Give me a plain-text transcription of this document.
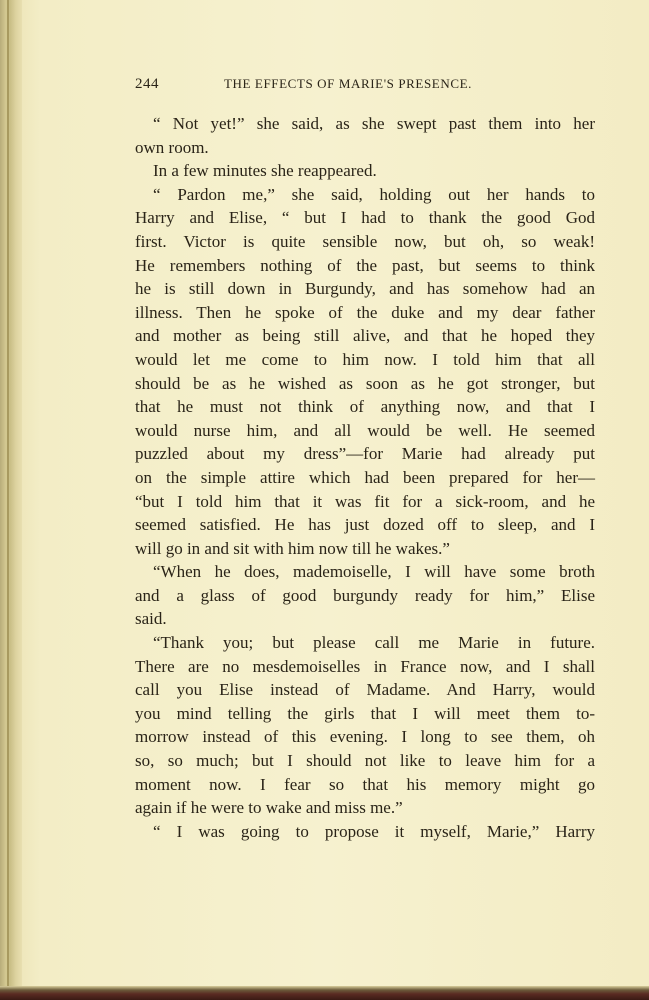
244	THE EFFECTS OF MARIE'S PRESENCE.
“ Not yet!” she said, as she swept past them into her
own room.
In a few minutes she reappeared.
“ Pardon me,” she said, holding out her hands to
Harry and Elise, “ but I had to thank the good God
first. Victor is quite sensible now, but oh, so weak!
He remembers nothing of the past, but seems to think
he is still down in Burgundy, and has somehow had an
illness. Then he spoke of the duke and my dear father
and mother as being still alive, and that he hoped they
would let me come to him now. I told him that all
should be as he wished as soon as he got stronger, but
that he must not think of anything now, and that I
would nurse him, and all would be well. He seemed
puzzled about my dress”—for Marie had already put
on the simple attire which had been prepared for her—
“but I told him that it was fit for a sick-room, and he
seemed satisfied. He has just dozed off to sleep, and I
will go in and sit with him now till he wakes.”
“When he does, mademoiselle, I will have some broth
and a glass of good burgundy ready for him,” Elise
said.
“Thank you; but please call me Marie in future.
There are no mesdemoiselles in France now, and I shall
call you Elise instead of Madame. And Harry, would
you mind telling the girls that I will meet them to-
morrow instead of this evening. I long to see them, oh
so, so much; but I should not like to leave him for a
moment now. I fear so that his memory might go
again if he were to wake and miss me.”
“ I was going to propose it myself, Marie,” Harry
